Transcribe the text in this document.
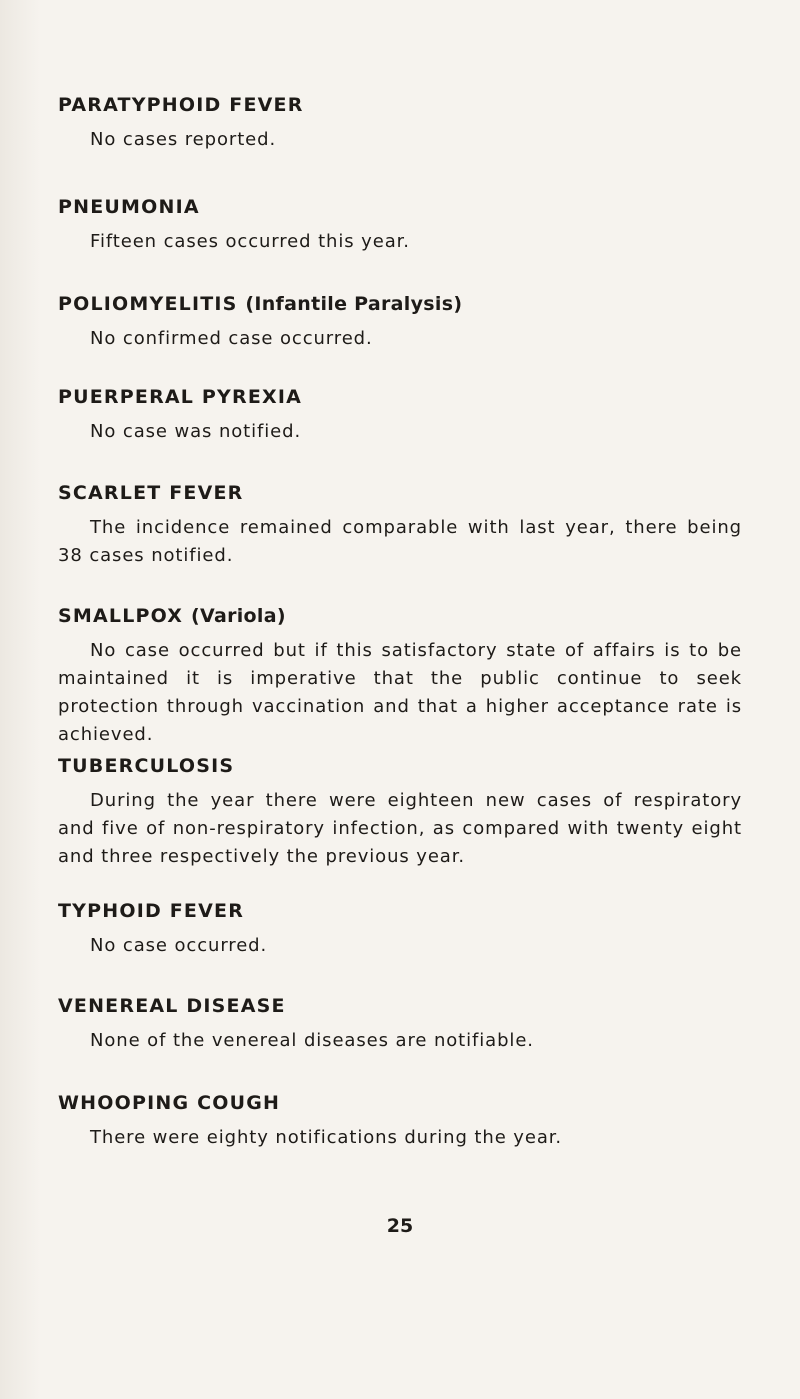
PARATYPHOID FEVER

No cases reported.

PNEUMONIA

Fifteen cases occurred this year.

POLIOMYELITIS (Infantile Paralysis)

No confirmed case occurred.

PUERPERAL PYREXIA

No case was notified.

SCARLET FEVER

The incidence remained comparable with last year, there being 38 cases notified.

SMALLPOX (Variola)

No case occurred but if this satisfactory state of affairs is to be maintained it is imperative that the public continue to seek protection through vaccination and that a higher acceptance rate is achieved.

TUBERCULOSIS

During the year there were eighteen new cases of respiratory and five of non-respiratory infection, as compared with twenty eight and three respectively the previous year.

TYPHOID FEVER

No case occurred.

VENEREAL DISEASE

None of the venereal diseases are notifiable.

WHOOPING COUGH

There were eighty notifications during the year.

25
